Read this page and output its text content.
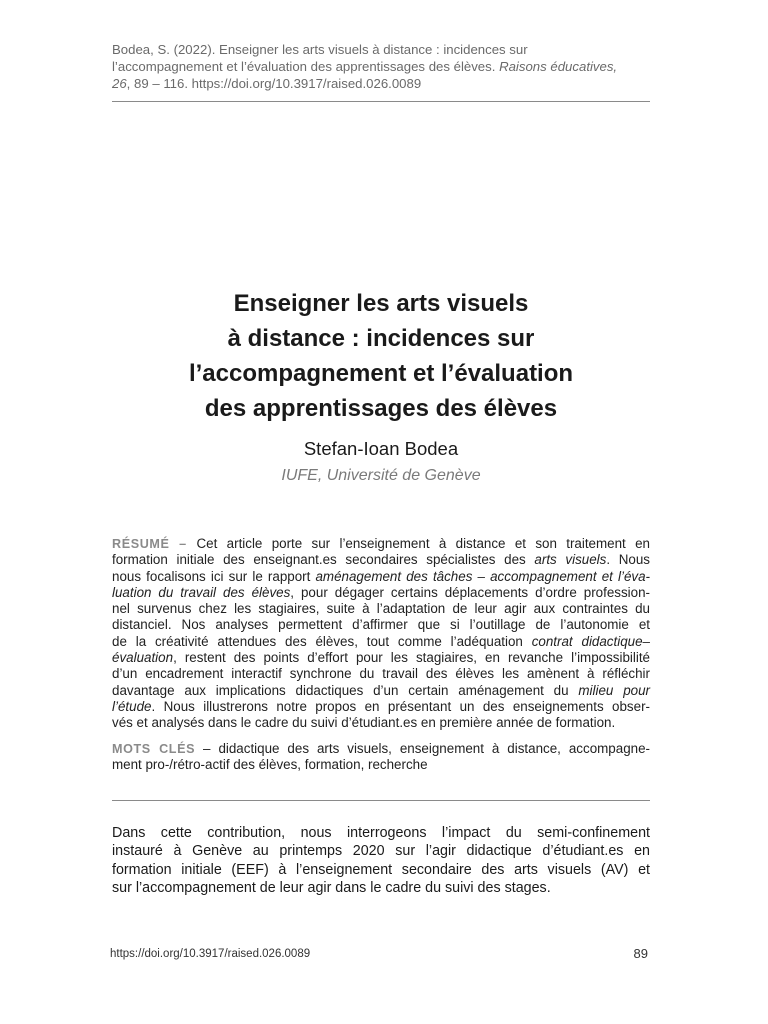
Bodea, S. (2022). Enseigner les arts visuels à distance : incidences sur
l’accompagnement et l’évaluation des apprentissages des élèves. Raisons éducatives,
26, 89 – 116. https://doi.org/10.3917/raised.026.0089
Enseigner les arts visuels
à distance : incidences sur
l’accompagnement et l’évaluation
des apprentissages des élèves
Stefan-Ioan Bodea
IUFE, Université de Genève
RÉSUMÉ – Cet article porte sur l’enseignement à distance et son traitement en
formation initiale des enseignant.es secondaires spécialistes des arts visuels. Nous
nous focalisons ici sur le rapport aménagement des tâches – accompagnement et l’éva-
luation du travail des élèves, pour dégager certains déplacements d’ordre profession-
nel survenus chez les stagiaires, suite à l’adaptation de leur agir aux contraintes du
distanciel. Nos analyses permettent d’affirmer que si l’outillage de l’autonomie et
de la créativité attendues des élèves, tout comme l’adéquation contrat didactique–
évaluation, restent des points d’effort pour les stagiaires, en revanche l’impossibilité
d’un encadrement interactif synchrone du travail des élèves les amènent à réfléchir
davantage aux implications didactiques d’un certain aménagement du milieu pour
l’étude. Nous illustrerons notre propos en présentant un des enseignements obser-
vés et analysés dans le cadre du suivi d’étudiant.es en première année de formation.
MOTS CLÉS – didactique des arts visuels, enseignement à distance, accompagne-
ment pro-/rétro-actif des élèves, formation, recherche
Dans cette contribution, nous interrogeons l’impact du semi-confinement
instauré à Genève au printemps 2020 sur l’agir didactique d’étudiant.es en
formation initiale (EEF) à l’enseignement secondaire des arts visuels (AV) et
sur l’accompagnement de leur agir dans le cadre du suivi des stages.
https://doi.org/10.3917/raised.026.0089	89
